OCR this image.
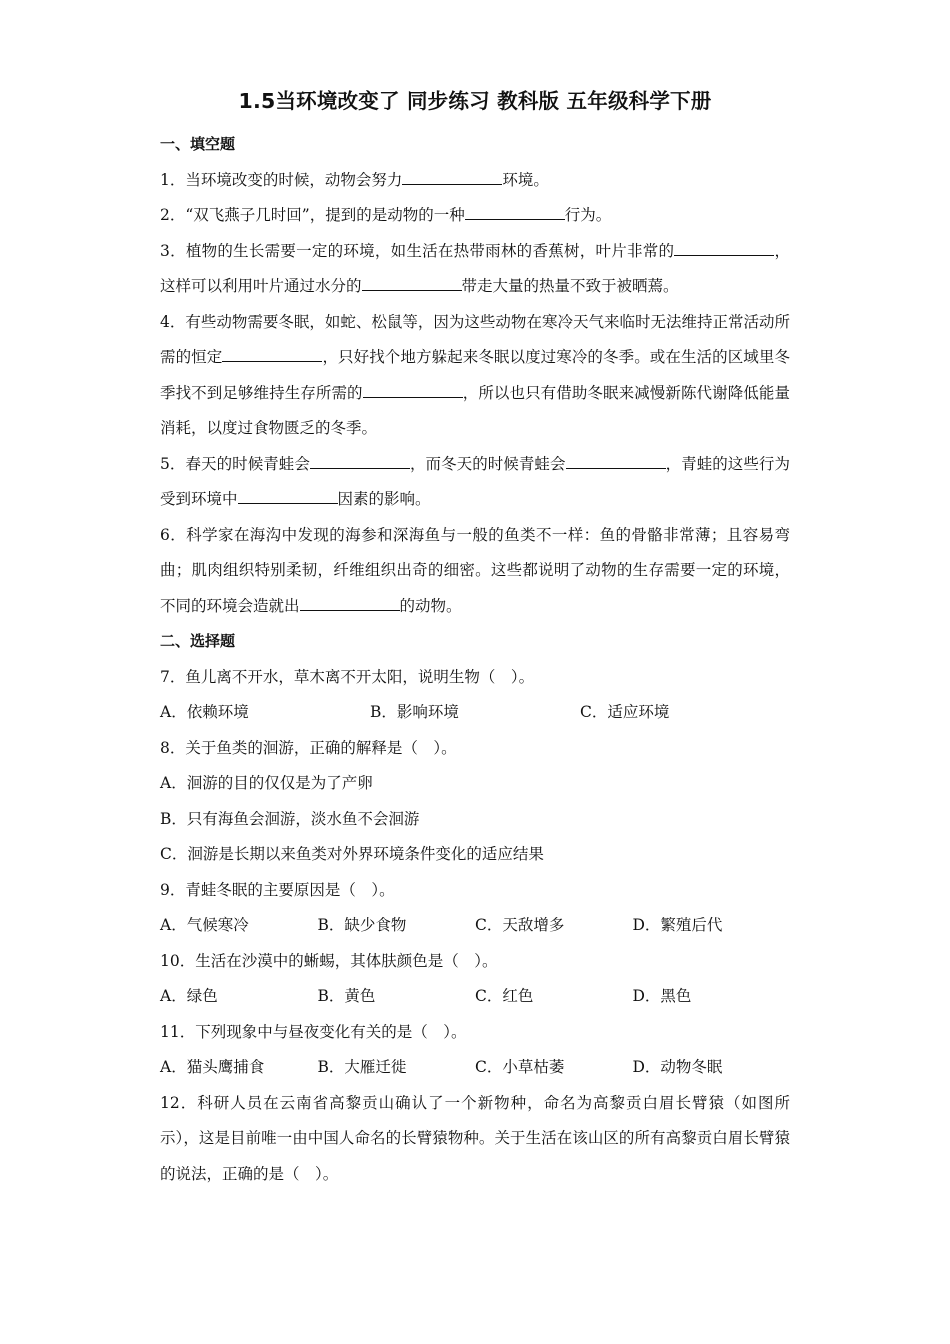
1.5当环境改变了 同步练习 教科版 五年级科学下册
一、填空题
1．当环境改变的时候，动物会努力	环境。
2．“双飞燕子几时回”，提到的是动物的一种	行为。
3．植物的生长需要一定的环境，如生活在热带雨林的香蕉树，叶片非常的	，这样可以利用叶片通过水分的	带走大量的热量不致于被晒蔫。
4．有些动物需要冬眠，如蛇、松鼠等，因为这些动物在寒冷天气来临时无法维持正常活动所需的恒定	，只好找个地方躲起来冬眠以度过寒冷的冬季。或在生活的区域里冬季找不到足够维持生存所需的	，所以也只有借助冬眠来减慢新陈代谢降低能量消耗，以度过食物匮乏的冬季。
5．春天的时候青蛙会	，而冬天的时候青蛙会	，青蛙的这些行为受到环境中	因素的影响。
6．科学家在海沟中发现的海参和深海鱼与一般的鱼类不一样：鱼的骨骼非常薄；且容易弯曲；肌肉组织特别柔韧，纤维组织出奇的细密。这些都说明了动物的生存需要一定的环境，不同的环境会造就出	的动物。
二、选择题
7．鱼儿离不开水，草木离不开太阳，说明生物（　）。
A．依赖环境	B．影响环境	C．适应环境
8．关于鱼类的洄游，正确的解释是（　）。
A．洄游的目的仅仅是为了产卵
B．只有海鱼会洄游，淡水鱼不会洄游
C．洄游是长期以来鱼类对外界环境条件变化的适应结果
9．青蛙冬眠的主要原因是（　）。
A．气候寒冷	B．缺少食物	C．天敌增多	D．繁殖后代
10．生活在沙漠中的蜥蜴，其体肤颜色是（　）。
A．绿色	B．黄色	C．红色	D．黑色
11．下列现象中与昼夜变化有关的是（　）。
A．猫头鹰捕食	B．大雁迁徙	C．小草枯萎	D．动物冬眠
12．科研人员在云南省高黎贡山确认了一个新物种，命名为高黎贡白眉长臂猿（如图所示），这是目前唯一由中国人命名的长臂猿物种。关于生活在该山区的所有高黎贡白眉长臂猿的说法，正确的是（　）。
